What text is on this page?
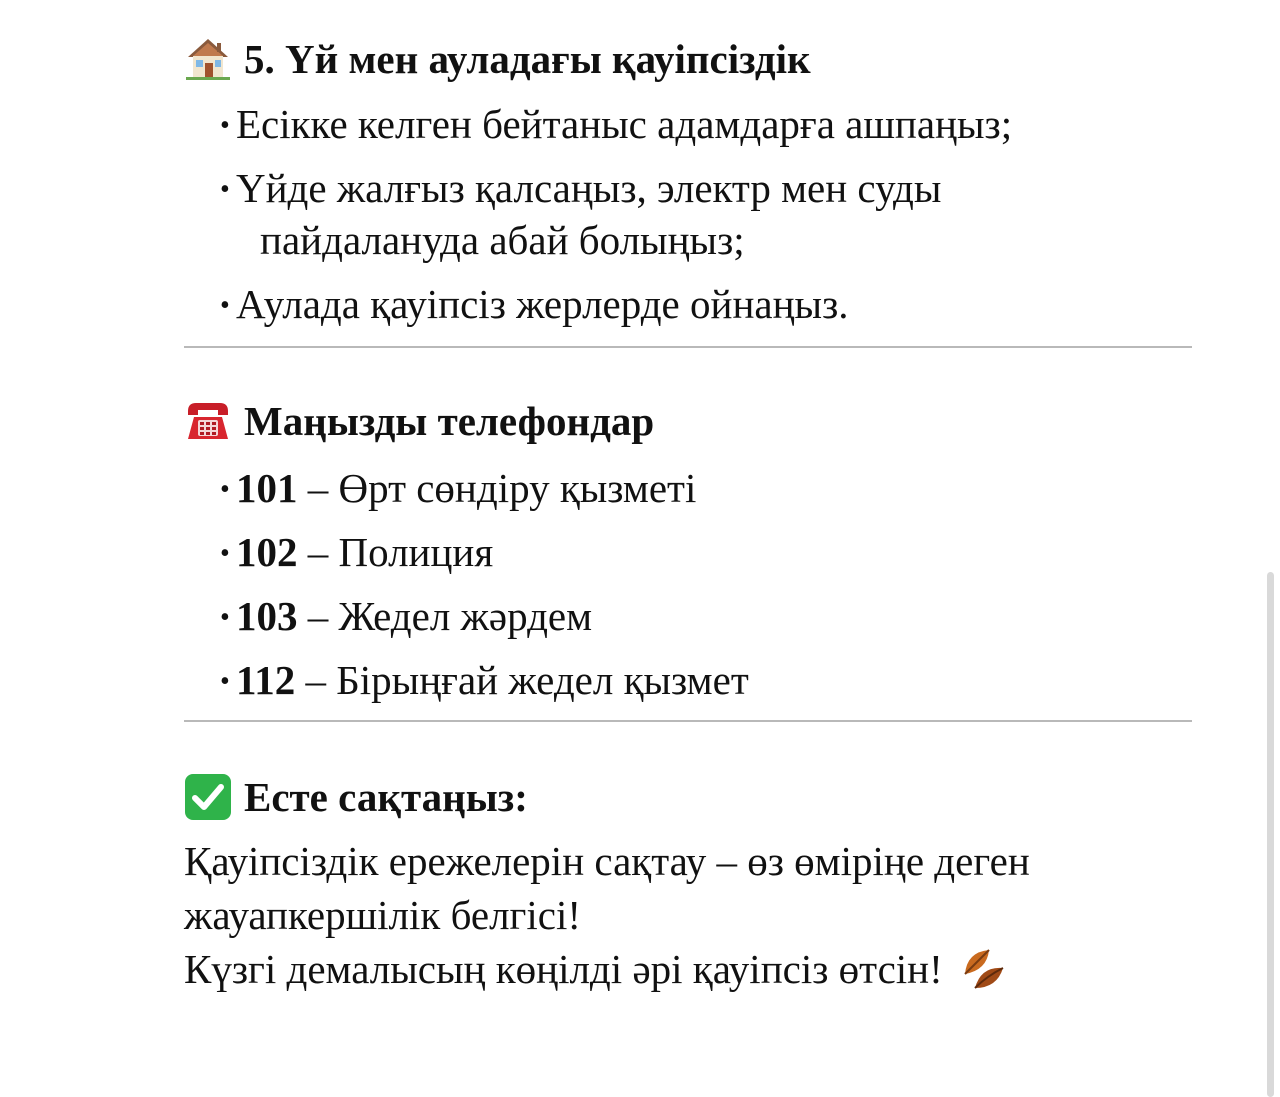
5. Үй мен ауладағы қауіпсіздік
• Есікке келген бейтаныс адамдарға ашпаңыз;
• Үйде жалғыз қалсаңыз, электр мен суды
пайдалануда абай болыңыз;
• Аулада қауіпсіз жерлерде ойнаңыз.
Маңызды телефондар
• 101 – Өрт сөндіру қызметі
• 102 – Полиция
• 103 – Жедел жәрдем
• 112 – Бірыңғай жедел қызмет
Есте сақтаңыз:
Қауіпсіздік ережелерін сақтау – өз өміріңе деген
жауапкершілік белгісі!
Күзгі демалысың көңілді әрі қауіпсіз өтсін!
